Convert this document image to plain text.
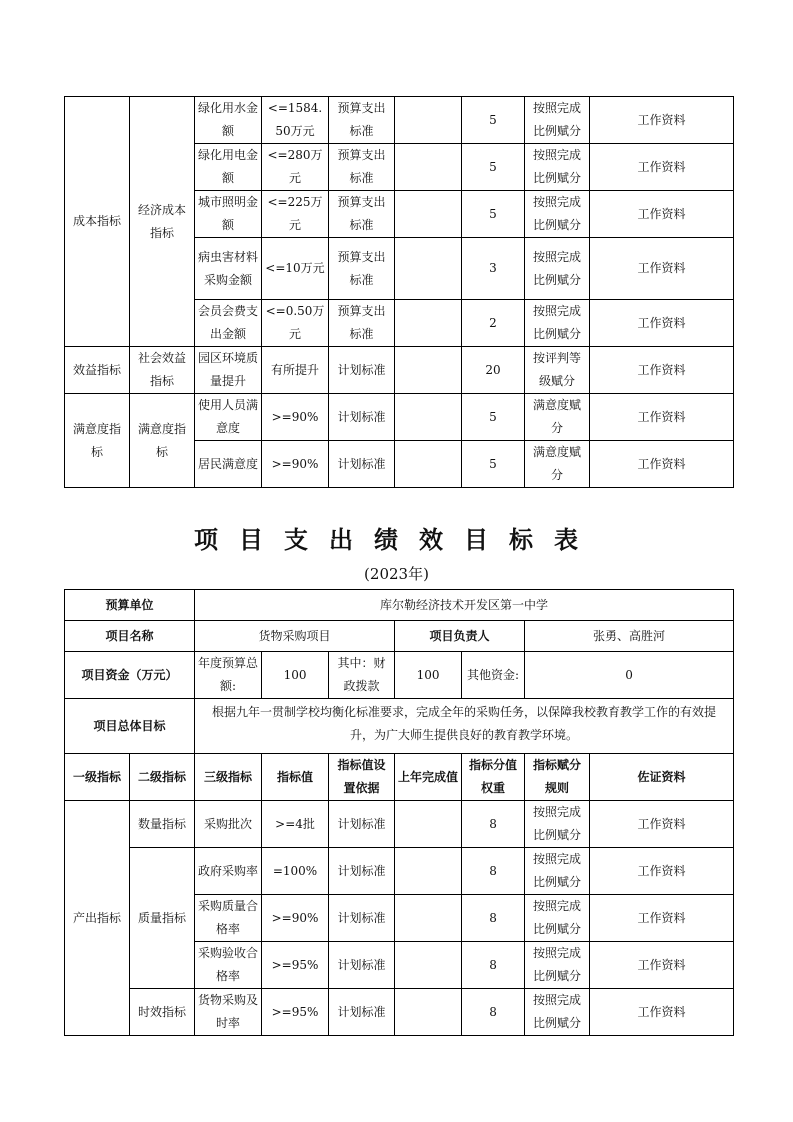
成本指标	经济成本指标	绿化用水金额	<=1584.50万元	预算支出标准		5	按照完成比例赋分	工作资料
		绿化用电金额	<=280万元	预算支出标准		5	按照完成比例赋分	工作资料
		城市照明金额	<=225万元	预算支出标准		5	按照完成比例赋分	工作资料
		病虫害材料采购金额	<=10万元	预算支出标准		3	按照完成比例赋分	工作资料
		会员会费支出金额	<=0.50万元	预算支出标准		2	按照完成比例赋分	工作资料
效益指标	社会效益指标	园区环境质量提升	有所提升	计划标准		20	按评判等级赋分	工作资料
满意度指标	满意度指标	使用人员满意度	>=90%	计划标准		5	满意度赋分	工作资料
		居民满意度	>=90%	计划标准		5	满意度赋分	工作资料
项目支出绩效目标表
(2023年)
预算单位		库尔勒经济技术开发区第一中学						
项目名称		货物采购项目			项目负责人		张勇、高胜河	
项目资金（万元）		年度预算总额:	100	其中：财政拨款	100	其他资金:	0	
项目总体目标		根据九年一贯制学校均衡化标准要求，完成全年的采购任务，以保障我校教育教学工作的有效提升，为广大师生提供良好的教育教学环境。						
一级指标	二级指标	三级指标	指标值	指标值设置依据	上年完成值	指标分值权重	指标赋分规则	佐证资料
产出指标	数量指标	采购批次	>=4批	计划标准		8	按照完成比例赋分	工作资料
	质量指标	政府采购率	=100%	计划标准		8	按照完成比例赋分	工作资料
		采购质量合格率	>=90%	计划标准		8	按照完成比例赋分	工作资料
		采购验收合格率	>=95%	计划标准		8	按照完成比例赋分	工作资料
	时效指标	货物采购及时率	>=95%	计划标准		8	按照完成比例赋分	工作资料
